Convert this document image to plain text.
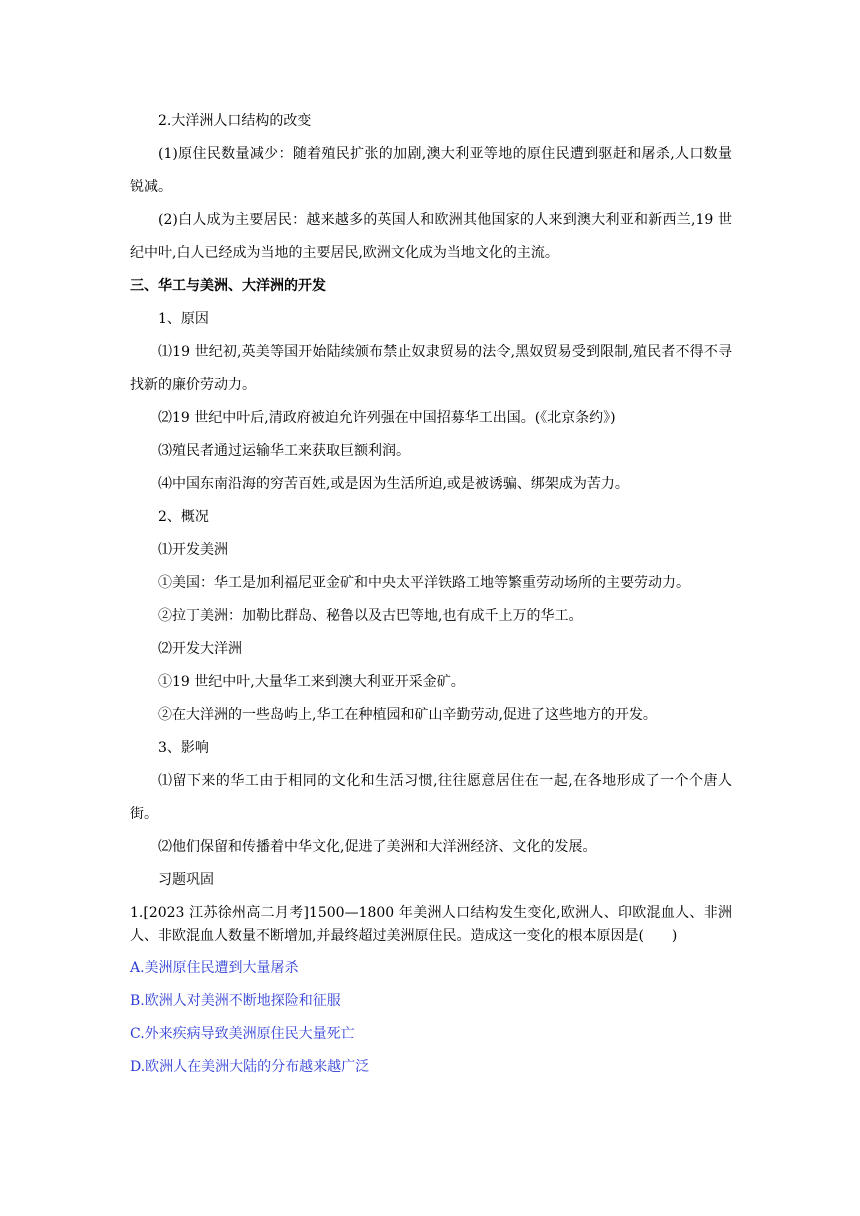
2.大洋洲人口结构的改变

(1)原住民数量减少：随着殖民扩张的加剧,澳大利亚等地的原住民遭到驱赶和屠杀,人口数量锐减。

(2)白人成为主要居民：越来越多的英国人和欧洲其他国家的人来到澳大利亚和新西兰,19 世纪中叶,白人已经成为当地的主要居民,欧洲文化成为当地文化的主流。

三、华工与美洲、大洋洲的开发

1、原因

⑴19 世纪初,英美等国开始陆续颁布禁止奴隶贸易的法令,黑奴贸易受到限制,殖民者不得不寻找新的廉价劳动力。

⑵19 世纪中叶后,清政府被迫允许列强在中国招募华工出国。(《北京条约》)

⑶殖民者通过运输华工来获取巨额利润。

⑷中国东南沿海的穷苦百姓,或是因为生活所迫,或是被诱骗、绑架成为苦力。

2、概况

⑴开发美洲

①美国：华工是加利福尼亚金矿和中央太平洋铁路工地等繁重劳动场所的主要劳动力。

②拉丁美洲：加勒比群岛、秘鲁以及古巴等地,也有成千上万的华工。

⑵开发大洋洲

①19 世纪中叶,大量华工来到澳大利亚开采金矿。

②在大洋洲的一些岛屿上,华工在种植园和矿山辛勤劳动,促进了这些地方的开发。

3、影响

⑴留下来的华工由于相同的文化和生活习惯,往往愿意居住在一起,在各地形成了一个个唐人街。

⑵他们保留和传播着中华文化,促进了美洲和大洋洲经济、文化的发展。

习题巩固

1.[2023 江苏徐州高二月考]1500—1800 年美洲人口结构发生变化,欧洲人、印欧混血人、非洲人、非欧混血人数量不断增加,并最终超过美洲原住民。造成这一变化的根本原因是(　　)

A.美洲原住民遭到大量屠杀

B.欧洲人对美洲不断地探险和征服

C.外来疾病导致美洲原住民大量死亡

D.欧洲人在美洲大陆的分布越来越广泛
